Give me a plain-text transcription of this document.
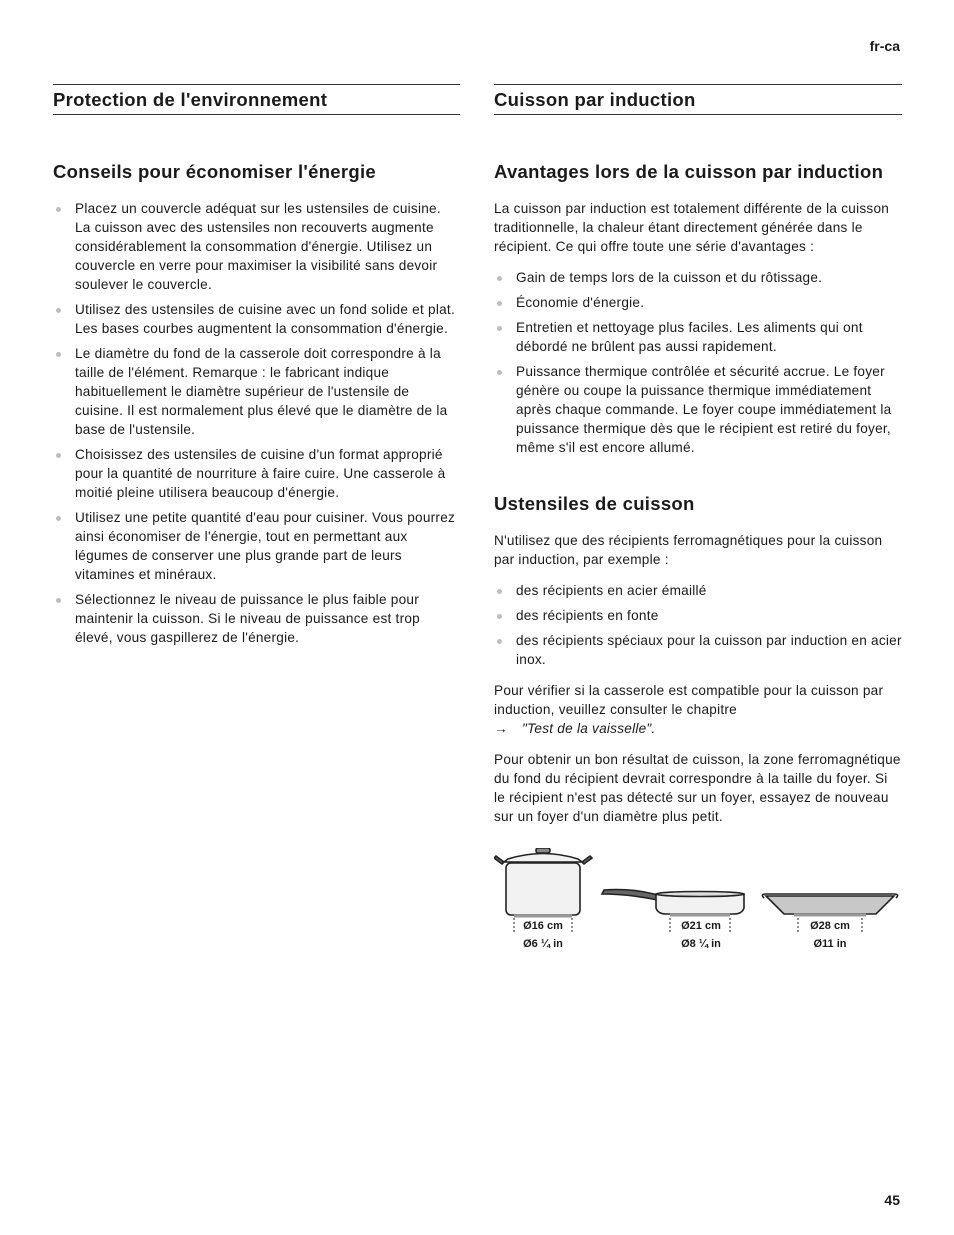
fr-ca
Protection de l'environnement
Conseils pour économiser l'énergie
Placez un couvercle adéquat sur les ustensiles de cuisine. La cuisson avec des ustensiles non recouverts augmente considérablement la consommation d'énergie. Utilisez un couvercle en verre pour maximiser la visibilité sans devoir soulever le couvercle.
Utilisez des ustensiles de cuisine avec un fond solide et plat. Les bases courbes augmentent la consommation d'énergie.
Le diamètre du fond de la casserole doit correspondre à la taille de l'élément. Remarque : le fabricant indique habituellement le diamètre supérieur de l'ustensile de cuisine. Il est normalement plus élevé que le diamètre de la base de l'ustensile.
Choisissez des ustensiles de cuisine d'un format approprié pour la quantité de nourriture à faire cuire. Une casserole à moitié pleine utilisera beaucoup d'énergie.
Utilisez une petite quantité d'eau pour cuisiner. Vous pourrez ainsi économiser de l'énergie, tout en permettant aux légumes de conserver une plus grande part de leurs vitamines et minéraux.
Sélectionnez le niveau de puissance le plus faible pour maintenir la cuisson. Si le niveau de puissance est trop élevé, vous gaspillerez de l'énergie.
Cuisson par induction
Avantages lors de la cuisson par induction

La cuisson par induction est totalement différente de la cuisson traditionnelle, la chaleur étant directement générée dans le récipient. Ce qui offre toute une série d'avantages :

Gain de temps lors de la cuisson et du rôtissage.
Économie d'énergie.
Entretien et nettoyage plus faciles. Les aliments qui ont débordé ne brûlent pas aussi rapidement.
Puissance thermique contrôlée et sécurité accrue. Le foyer génère ou coupe la puissance thermique immédiatement après chaque commande. Le foyer coupe immédiatement la puissance thermique dès que le récipient est retiré du foyer, même s'il est encore allumé.
Ustensiles de cuisson

N'utilisez que des récipients ferromagnétiques pour la cuisson par induction, par exemple :

des récipients en acier émaillé
des récipients en fonte
des récipients spéciaux pour la cuisson par induction en acier inox.

Pour vérifier si la casserole est compatible pour la cuisson par induction, veuillez consulter le chapitre
→ "Test de la vaisselle".

Pour obtenir un bon résultat de cuisson, la zone ferromagnétique du fond du récipient devrait correspondre à la taille du foyer. Si le récipient n'est pas détecté sur un foyer, essayez de nouveau sur un foyer d'un diamètre plus petit.

Ø16 cm
Ø6 ¼ in
Ø21 cm
Ø8 ¼ in
Ø28 cm
Ø11 in
45
